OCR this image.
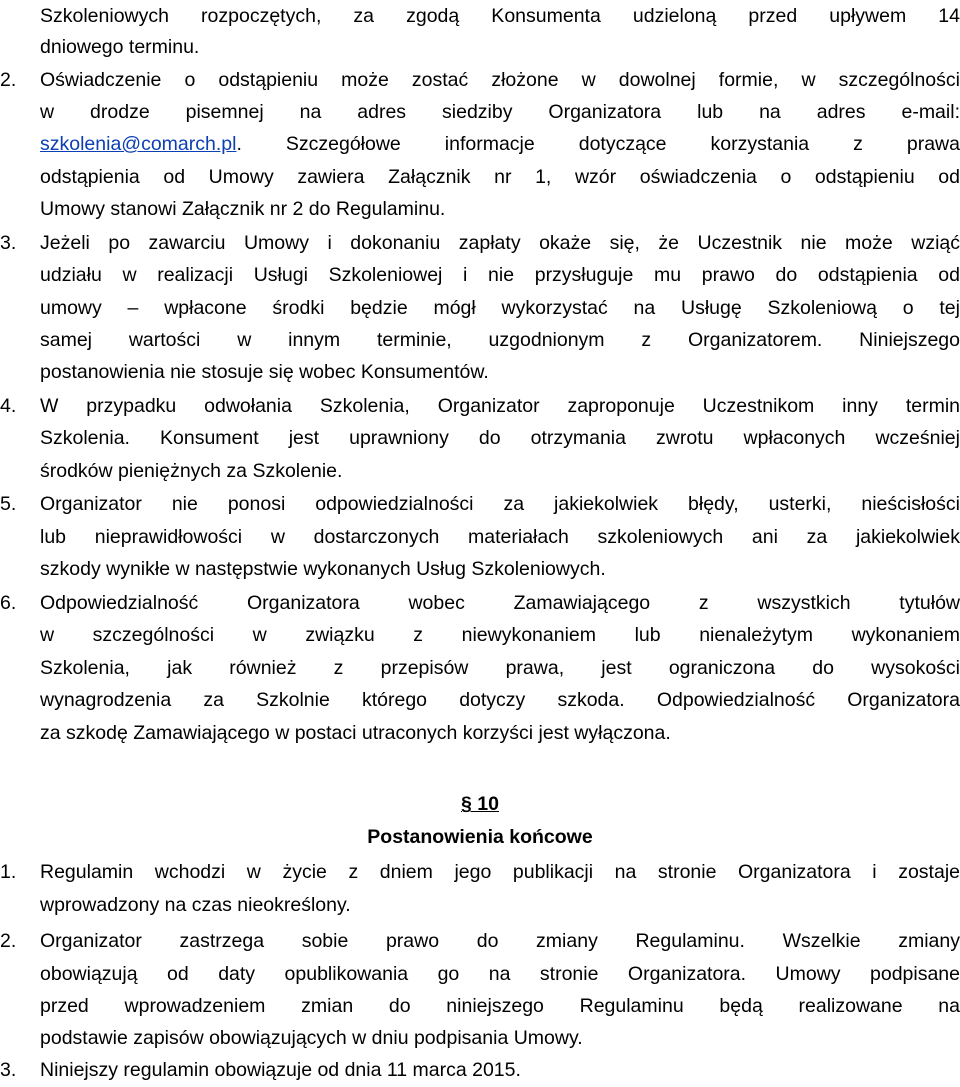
Szkoleniowych rozpoczętych, za zgodą Konsumenta udzieloną przed upływem 14
dniowego terminu.
2. Oświadczenie o odstąpieniu może zostać złożone w dowolnej formie, w szczególności
w drodze pisemnej na adres siedziby Organizatora lub na adres e-mail:
szkolenia@comarch.pl. Szczegółowe informacje dotyczące korzystania z prawa
odstąpienia od Umowy zawiera Załącznik nr 1, wzór oświadczenia o odstąpieniu od
Umowy stanowi Załącznik nr 2 do Regulaminu.
3. Jeżeli po zawarciu Umowy i dokonaniu zapłaty okaże się, że Uczestnik nie może wziąć
udziału w realizacji Usługi Szkoleniowej i nie przysługuje mu prawo do odstąpienia od
umowy – wpłacone środki będzie mógł wykorzystać na Usługę Szkoleniową o tej
samej wartości w innym terminie, uzgodnionym z Organizatorem. Niniejszego
postanowienia nie stosuje się wobec Konsumentów.
4. W przypadku odwołania Szkolenia, Organizator zaproponuje Uczestnikom inny termin
Szkolenia. Konsument jest uprawniony do otrzymania zwrotu wpłaconych wcześniej
środków pieniężnych za Szkolenie.
5. Organizator nie ponosi odpowiedzialności za jakiekolwiek błędy, usterki, nieścisłości
lub nieprawidłowości w dostarczonych materiałach szkoleniowych ani za jakiekolwiek
szkody wynikłe w następstwie wykonanych Usług Szkoleniowych.
6. Odpowiedzialność Organizatora wobec Zamawiającego z wszystkich tytułów
w szczególności w związku z niewykonaniem lub nienależytym wykonaniem
Szkolenia, jak również z przepisów prawa, jest ograniczona do wysokości
wynagrodzenia za Szkolnie którego dotyczy szkoda. Odpowiedzialność Organizatora
za szkodę Zamawiającego w postaci utraconych korzyści jest wyłączona.
§ 10
Postanowienia końcowe
1. Regulamin wchodzi w życie z dniem jego publikacji na stronie Organizatora i zostaje
wprowadzony na czas nieokreślony.
2. Organizator zastrzega sobie prawo do zmiany Regulaminu. Wszelkie zmiany
obowiązują od daty opublikowania go na stronie Organizatora. Umowy podpisane
przed wprowadzeniem zmian do niniejszego Regulaminu będą realizowane na
podstawie zapisów obowiązujących w dniu podpisania Umowy.
3. Niniejszy regulamin obowiązuje od dnia 11 marca 2015.
